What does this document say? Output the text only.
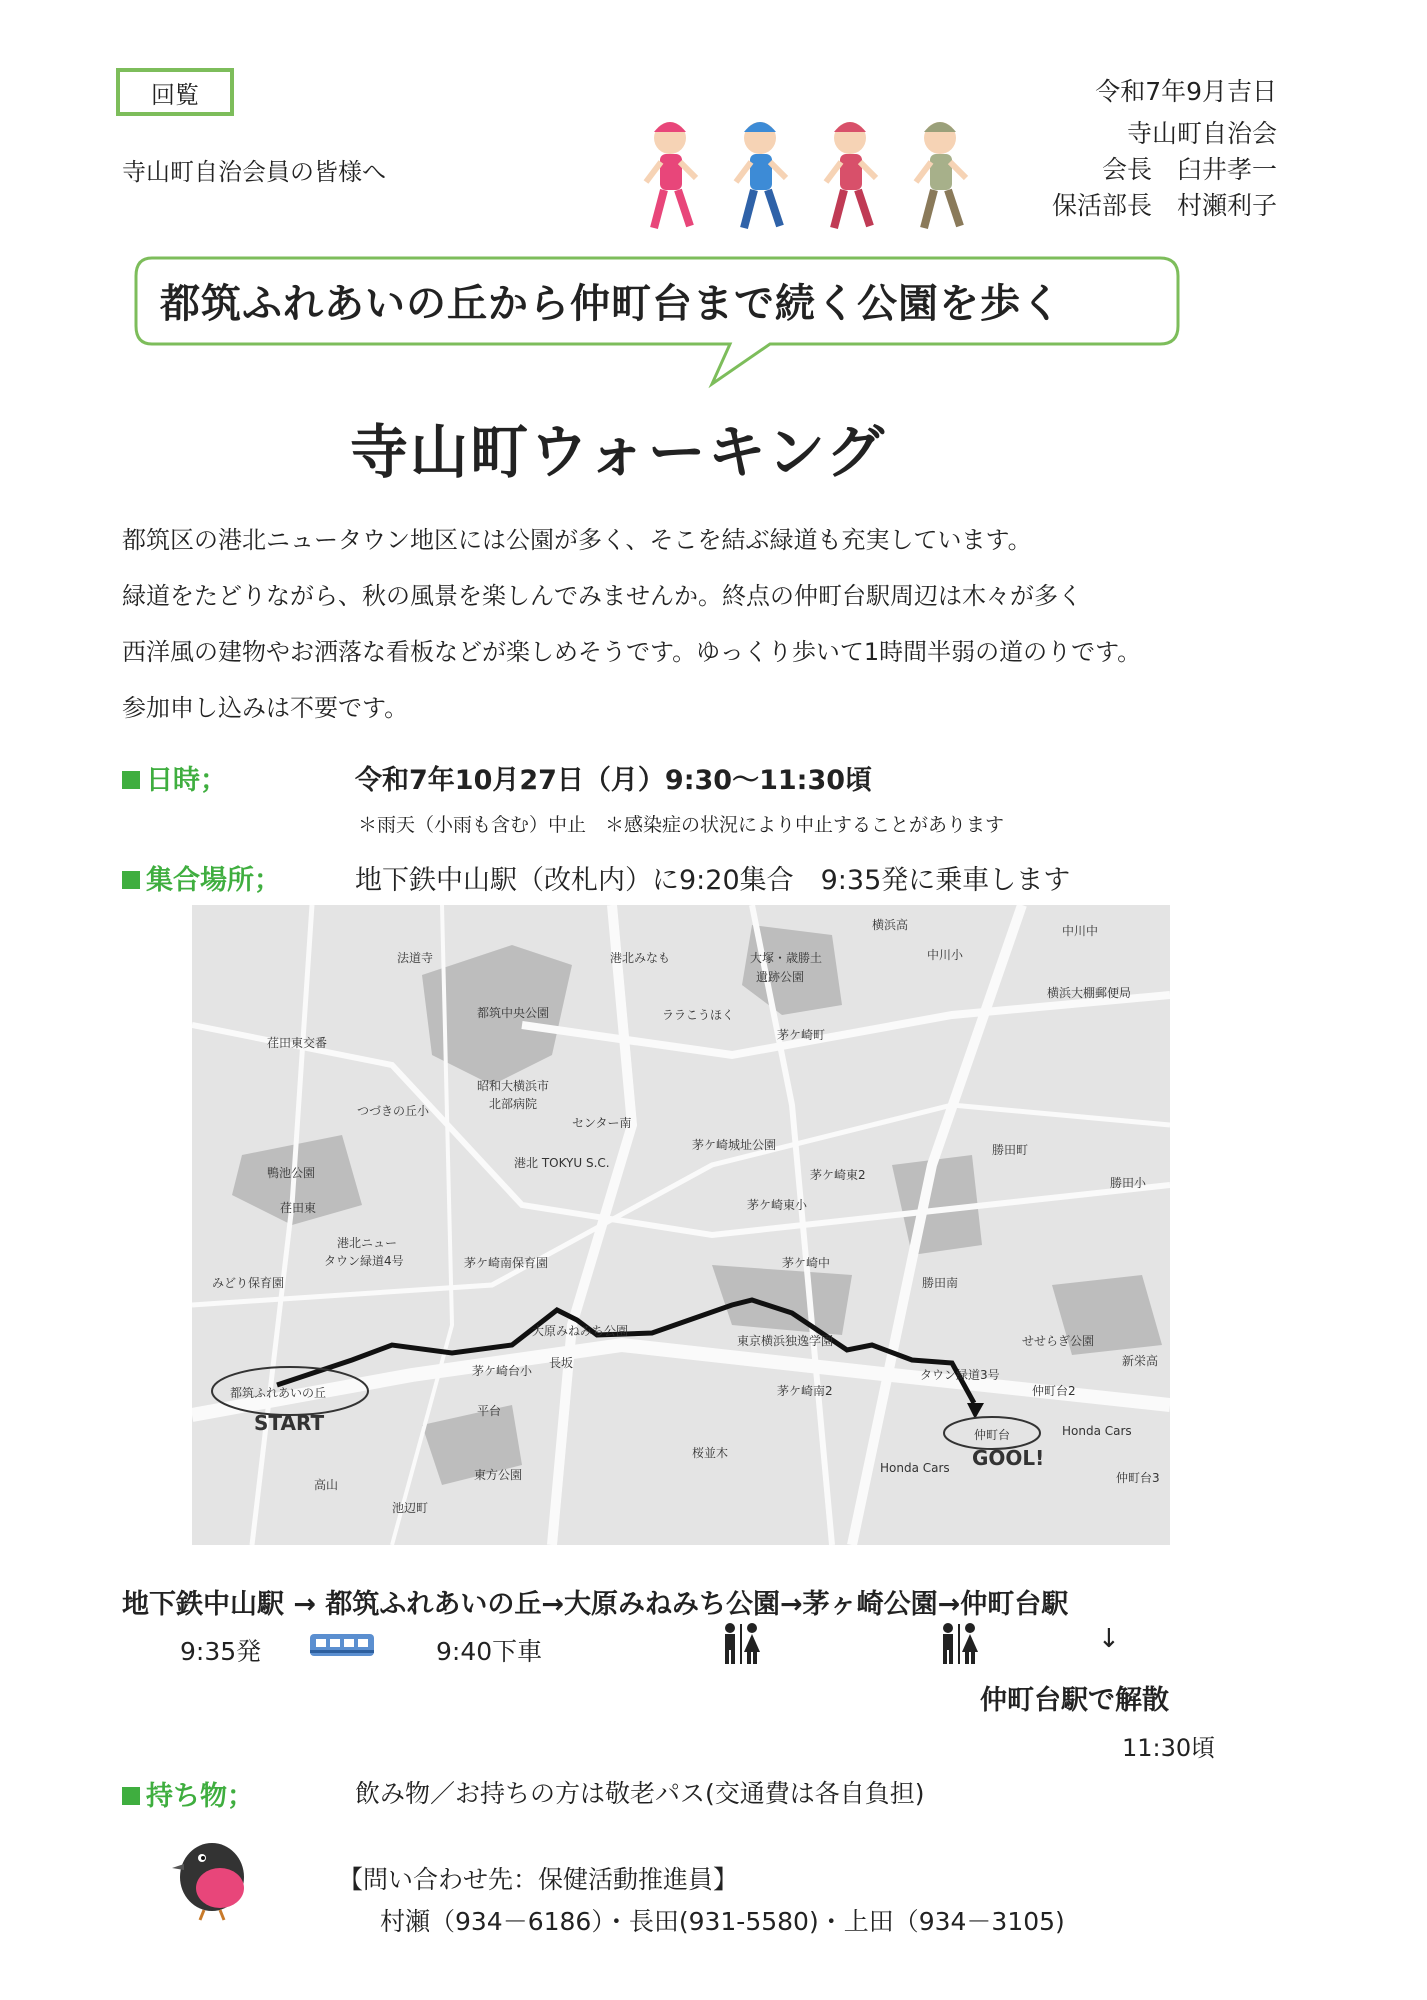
回覧	令和7年9月吉日
寺山町自治会員の皆様へ
寺山町自治会
会長　臼井孝一
保活部長　村瀬利子
都筑ふれあいの丘から仲町台まで続く公園を歩く
寺山町ウォーキング
都筑区の港北ニュータウン地区には公園が多く、そこを結ぶ緑道も充実しています。
緑道をたどりながら、秋の風景を楽しんでみませんか。終点の仲町台駅周辺は木々が多く
西洋風の建物やお洒落な看板などが楽しめそうです。ゆっくり歩いて1時間半弱の道のりです。
参加申し込みは不要です。
日時；	令和7年10月27日（月）9:30～11:30頃
＊雨天（小雨も含む）中止　＊感染症の状況により中止することがあります
集合場所；	地下鉄中山駅（改札内）に9:20集合　9:35発に乗車します
横浜高	中川中
法道寺	港北みなも	大塚・歳勝土
遺跡公園
中川小
横浜大棚郵便局
都筑中央公園	ララこうほく
茅ケ崎町
荏田東交番
昭和大横浜市
北部病院
つづきの丘小
センター南
茅ケ崎城址公園	勝田町
港北 TOKYU S.C.
茅ケ崎東2
鴨池公園
勝田小
茅ケ崎東小
荏田東
港北ニュー
タウン緑道4号	茅ケ崎南保育園	茅ケ崎中
みどり保育園	勝田南
大原みねみち公園
東京横浜独逸学園	せせらぎ公園
茅ケ崎台小
長坂	新栄高
タウン緑道3号
都筑ふれあいの丘	茅ケ崎南2	仲町台2
平台
START	仲町台	Honda Cars
桜並木
Honda Cars GOOL!
東方公園	仲町台3
高山
池辺町
地下鉄中山駅 → 都筑ふれあいの丘→大原みねみち公園→茅ヶ崎公園→仲町台駅
9:35発	9:40下車	↓
仲町台駅で解散
11:30頃
持ち物；	飲み物／お持ちの方は敬老パス(交通費は各自負担)
【問い合わせ先：保健活動推進員】
村瀬（934－6186）・長田(931-5580)・上田（934－3105)
